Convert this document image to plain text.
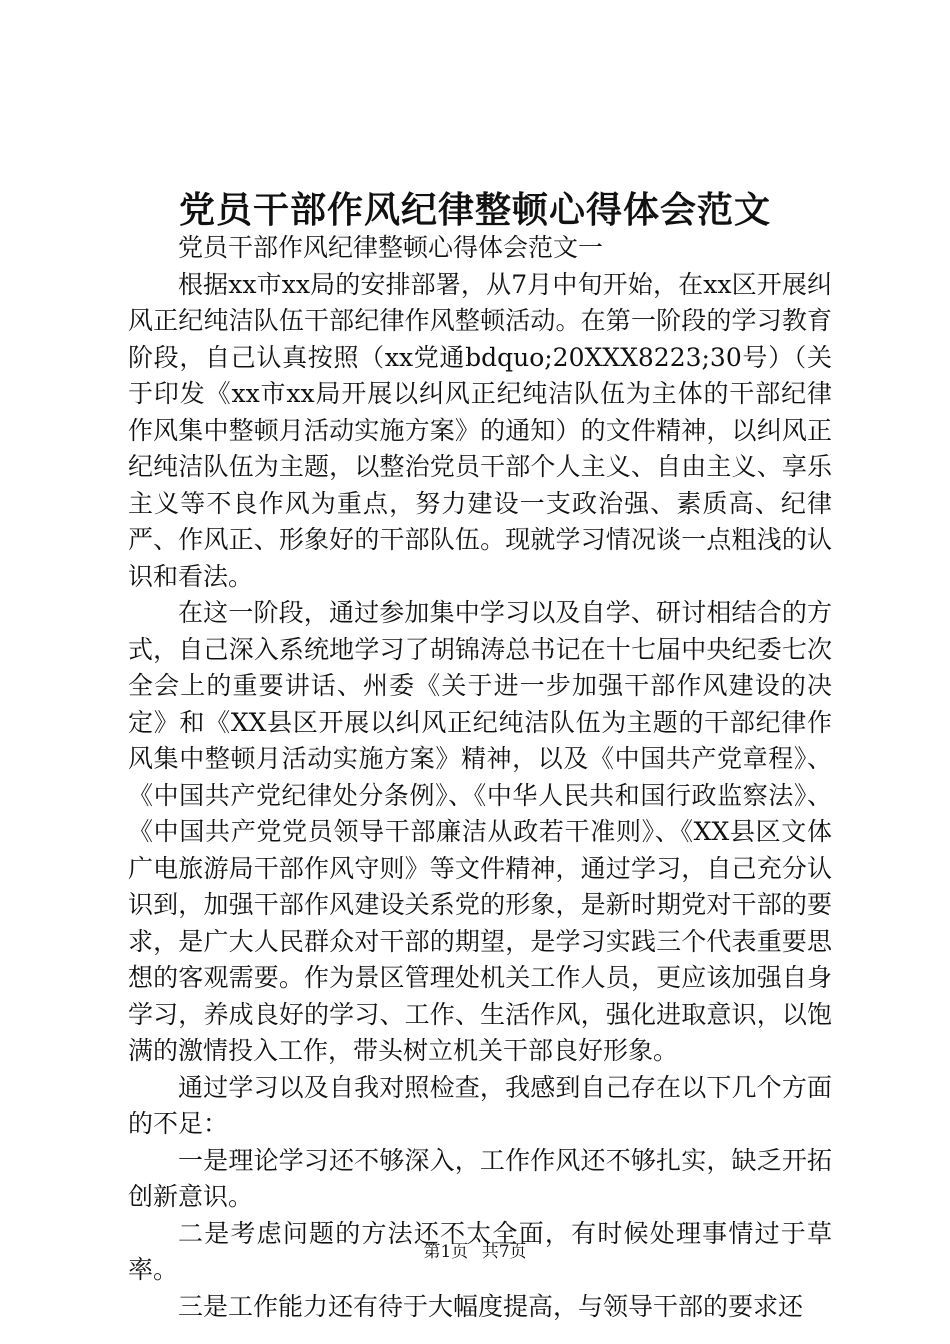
党员干部作风纪律整顿心得体会范文

党员干部作风纪律整顿心得体会范文一

根据xx市xx局的安排部署，从7月中旬开始，在xx区开展纠风正纪纯洁队伍干部纪律作风整顿活动。在第一阶段的学习教育阶段，自己认真按照（xx党通bdquo;20XXX8223;30号）（关于印发《xx市xx局开展以纠风正纪纯洁队伍为主体的干部纪律作风集中整顿月活动实施方案》的通知）的文件精神，以纠风正纪纯洁队伍为主题，以整治党员干部个人主义、自由主义、享乐主义等不良作风为重点，努力建设一支政治强、素质高、纪律严、作风正、形象好的干部队伍。现就学习情况谈一点粗浅的认识和看法。

在这一阶段，通过参加集中学习以及自学、研讨相结合的方式，自己深入系统地学习了胡锦涛总书记在十七届中央纪委七次全会上的重要讲话、州委《关于进一步加强干部作风建设的决定》和《XX县区开展以纠风正纪纯洁队伍为主题的干部纪律作风集中整顿月活动实施方案》精神，以及《中国共产党章程》、《中国共产党纪律处分条例》、《中华人民共和国行政监察法》、《中国共产党党员领导干部廉洁从政若干准则》、《XX县区文体广电旅游局干部作风守则》等文件精神，通过学习，自己充分认识到，加强干部作风建设关系党的形象，是新时期党对干部的要求，是广大人民群众对干部的期望，是学习实践三个代表重要思想的客观需要。作为景区管理处机关工作人员，更应该加强自身学习，养成良好的学习、工作、生活作风，强化进取意识，以饱满的激情投入工作，带头树立机关干部良好形象。

通过学习以及自我对照检查，我感到自己存在以下几个方面的不足：

一是理论学习还不够深入，工作作风还不够扎实，缺乏开拓创新意识。

二是考虑问题的方法还不太全面，有时候处理事情过于草率。

三是工作能力还有待于大幅度提高，与领导干部的要求还

第1页 共7页
